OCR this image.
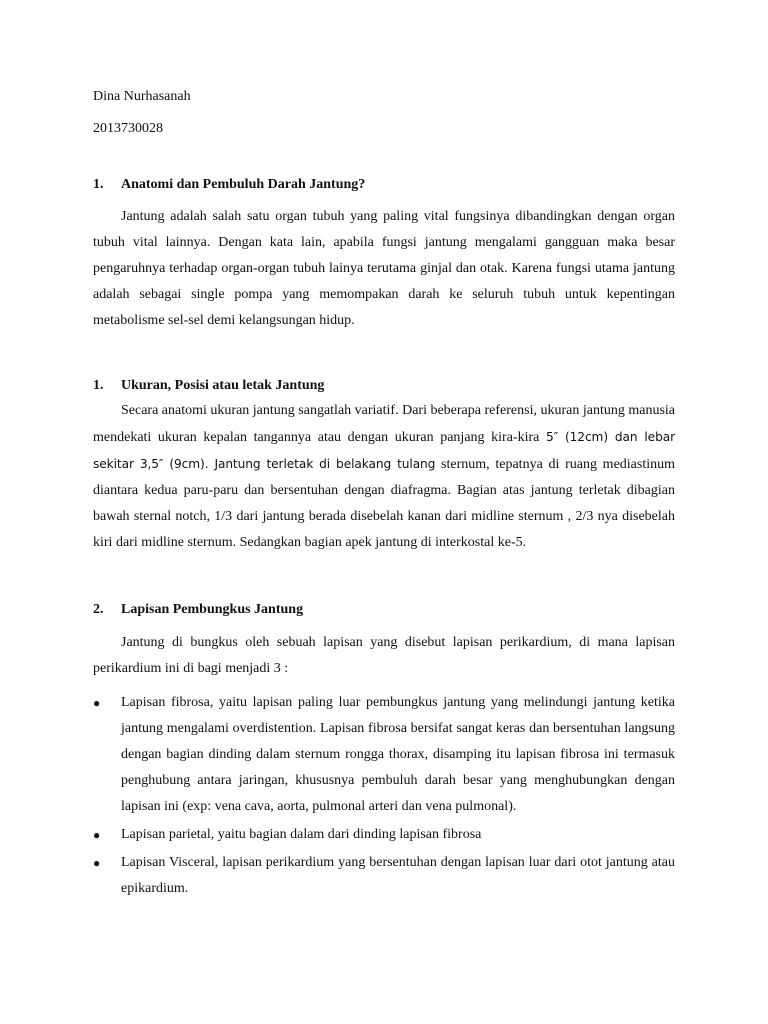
Dina Nurhasanah

2013730028

1.	Anatomi dan Pembuluh Darah Jantung?

Jantung adalah salah satu organ tubuh yang paling vital fungsinya dibandingkan dengan organ tubuh vital lainnya. Dengan kata lain, apabila fungsi jantung mengalami gangguan maka besar pengaruhnya terhadap organ-organ tubuh lainya terutama ginjal dan otak. Karena fungsi utama jantung adalah sebagai single pompa yang memompakan darah ke seluruh tubuh untuk kepentingan metabolisme sel-sel demi kelangsungan hidup.

1.	Ukuran, Posisi atau letak Jantung

Secara anatomi ukuran jantung sangatlah variatif. Dari beberapa referensi, ukuran jantung manusia mendekati ukuran kepalan tangannya atau dengan ukuran panjang kira-kira 5″ (12cm) dan lebar sekitar 3,5″ (9cm). Jantung terletak di belakang tulang sternum, tepatnya di ruang mediastinum diantara kedua paru-paru dan bersentuhan dengan diafragma. Bagian atas jantung terletak dibagian bawah sternal notch, 1/3 dari jantung berada disebelah kanan dari midline sternum , 2/3 nya disebelah kiri dari midline sternum. Sedangkan bagian apek jantung di interkostal ke-5.

2.	Lapisan Pembungkus Jantung

Jantung di bungkus oleh sebuah lapisan yang disebut lapisan perikardium, di mana lapisan perikardium ini di bagi menjadi 3 :

●	Lapisan fibrosa, yaitu lapisan paling luar pembungkus jantung yang melindungi jantung ketika jantung mengalami overdistention. Lapisan fibrosa bersifat sangat keras dan bersentuhan langsung dengan bagian dinding dalam sternum rongga thorax, disamping itu lapisan fibrosa ini termasuk penghubung antara jaringan, khususnya pembuluh darah besar yang menghubungkan dengan lapisan ini (exp: vena cava, aorta, pulmonal arteri dan vena pulmonal).
●	Lapisan parietal, yaitu bagian dalam dari dinding lapisan fibrosa
●	Lapisan Visceral, lapisan perikardium yang bersentuhan dengan lapisan luar dari otot jantung atau epikardium.
